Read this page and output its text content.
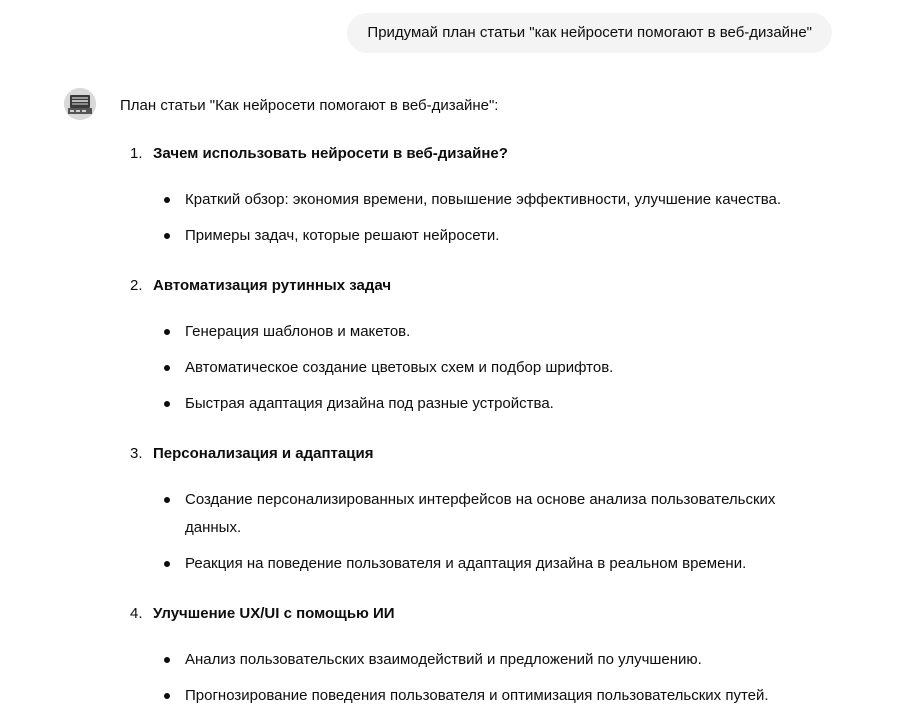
Придумай план статьи "как нейросети помогают в веб-дизайне"

План статьи "Как нейросети помогают в веб-дизайне":

1. Зачем использовать нейросети в веб-дизайне?
Краткий обзор: экономия времени, повышение эффективности, улучшение качества.
Примеры задач, которые решают нейросети.
2. Автоматизация рутинных задач
Генерация шаблонов и макетов.
Автоматическое создание цветовых схем и подбор шрифтов.
Быстрая адаптация дизайна под разные устройства.
3. Персонализация и адаптация
Создание персонализированных интерфейсов на основе анализа пользовательских данных.
Реакция на поведение пользователя и адаптация дизайна в реальном времени.
4. Улучшение UX/UI с помощью ИИ
Анализ пользовательских взаимодействий и предложений по улучшению.
Прогнозирование поведения пользователя и оптимизация пользовательских путей.
